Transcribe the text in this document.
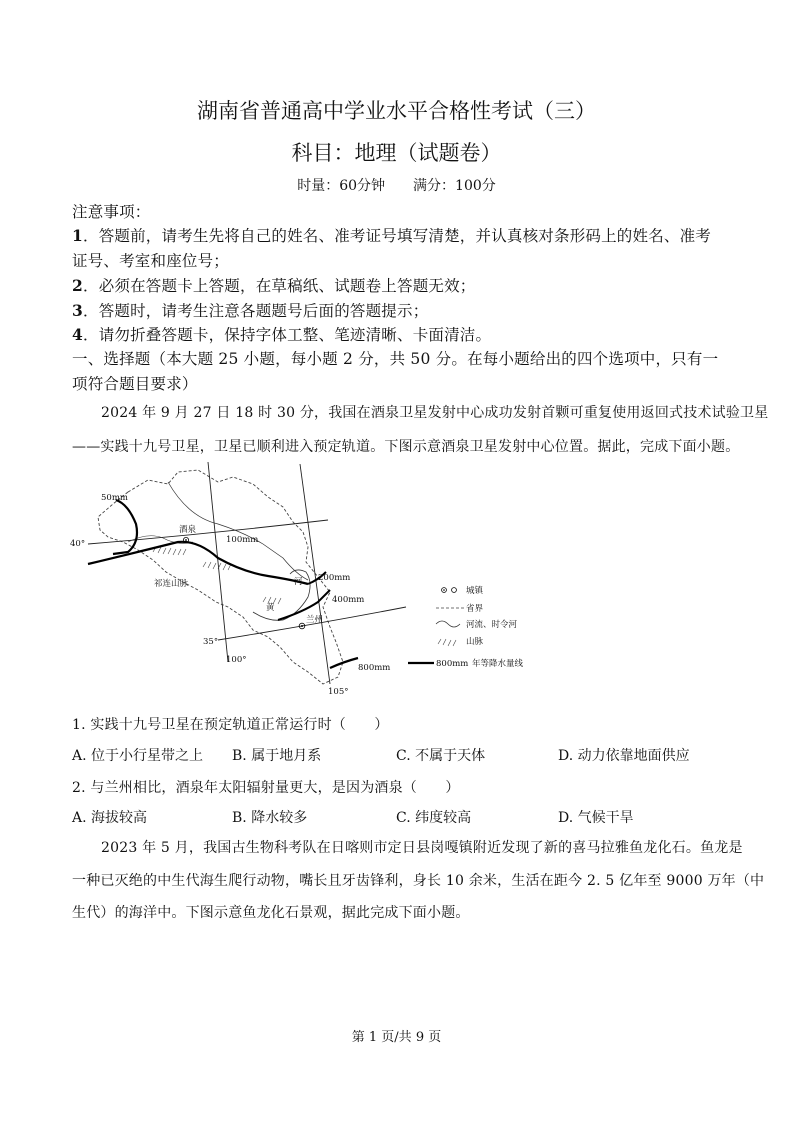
湖南省普通高中学业水平合格性考试（三）
科目：地理（试题卷）
时量：60分钟 满分：100分
注意事项：
1．答题前，请考生先将自己的姓名、准考证号填写清楚，并认真核对条形码上的姓名、准考
证号、考室和座位号；
2．必须在答题卡上答题，在草稿纸、试题卷上答题无效；
3．答题时，请考生注意各题题号后面的答题提示；
4．请勿折叠答题卡，保持字体工整、笔迹清晰、卡面清洁。
一、选择题（本大题 25 小题，每小题 2 分，共 50 分。在每小题给出的四个选项中，只有一
项符合题目要求）
2024 年 9 月 27 日 18 时 30 分，我国在酒泉卫星发射中心成功发射首颗可重复使用返回式技术试验卫星
——实践十九号卫星，卫星已顺利进入预定轨道。下图示意酒泉卫星发射中心位置。据此，完成下面小题。
50mm
酒泉
100mm
40°
祁连山脉	河 200mm
400mm
黄
兰州
35°
100°
800mm
105°
城镇
省界
河流、时令河
山脉
800mm 年等降水量线
1. 实践十九号卫星在预定轨道正常运行时（　　）
A. 位于小行星带之上 B. 属于地月系	C. 不属于天体	D. 动力依靠地面供应
2. 与兰州相比，酒泉年太阳辐射量更大，是因为酒泉（　　）
A. 海拔较高	B. 降水较多	C. 纬度较高	D. 气候干旱
2023 年 5 月，我国古生物科考队在日喀则市定日县岗嘎镇附近发现了新的喜马拉雅鱼龙化石。鱼龙是
一种已灭绝的中生代海生爬行动物，嘴长且牙齿锋利，身长 10 余米，生活在距今 2. 5 亿年至 9000 万年（中
生代）的海洋中。下图示意鱼龙化石景观，据此完成下面小题。
第 1 页/共 9 页
